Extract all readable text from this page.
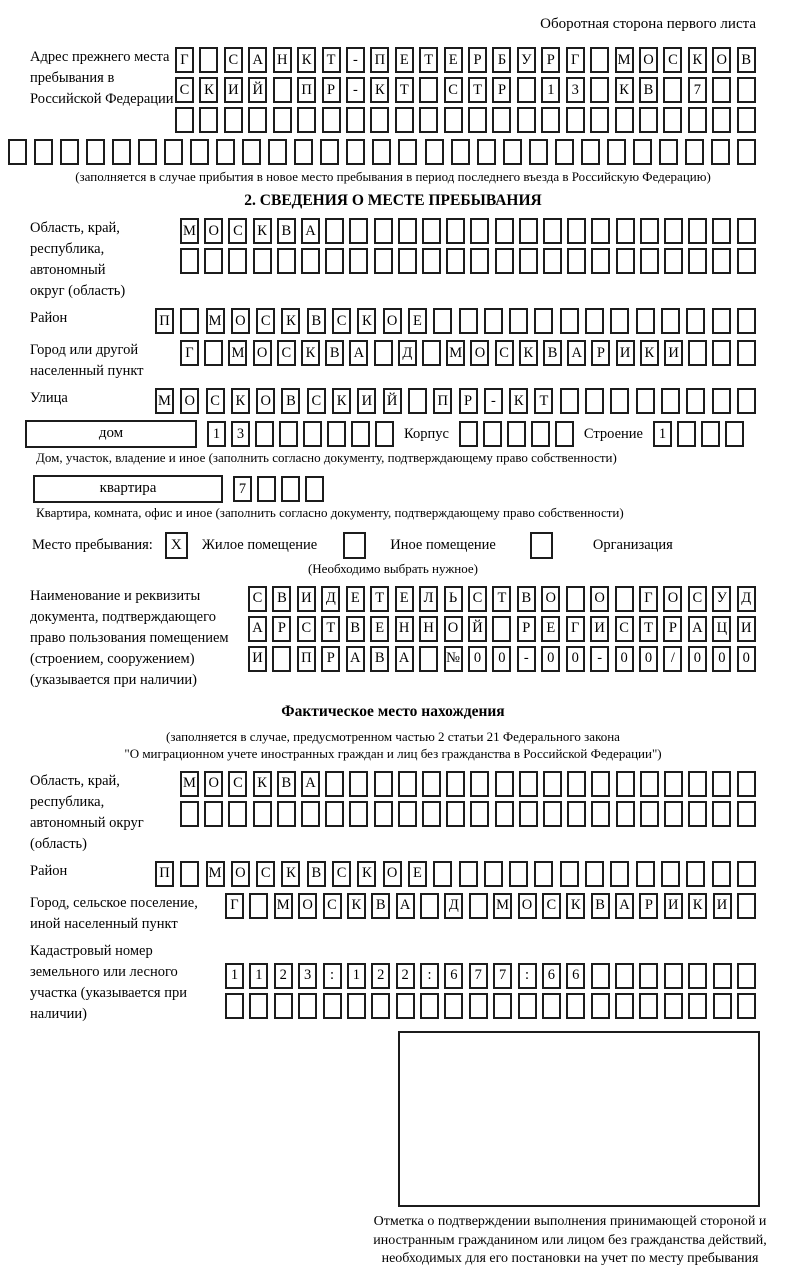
Оборотная сторона первого листа
Адрес прежнего места пребывания в Российской Федерации
Г	С А Н К	Т	-	П	Е	Т	Е	Р	Б	У	Р	Г	М О С	К О В
С	К И Й	П	Р	-	К	Т	С	Т	Р	1	3	К	В	7
(заполняется в случае прибытия в новое место пребывания в период последнего въезда в Российскую Федерацию)
2. СВЕДЕНИЯ О МЕСТЕ ПРЕБЫВАНИЯ
Область, край, республика, автономный округ (область)
М О С	К	В А
Район	П	М О	С	К	В	С	К	О	Е
Город или другой населенный пункт
Г	М О С	К	В А	Д	М О С	К	В А	Р	И К И
Улица	М О	С	К	О	В	С	К	И Й	П	Р	-	К	Т
дом	1	3	Корпус	Строение	1
Дом, участок, владение и иное (заполнить согласно документу, подтверждающему право собственности)
квартира	7
Квартира, комната, офис и иное (заполнить согласно документу, подтверждающему право собственности)
Место пребывания:	X	Жилое помещение	Иное помещение	Организация
(Необходимо выбрать нужное)
Наименование и реквизиты документа, подтверждающего право пользования помещением (строением, сооружением) (указывается при наличии)
С	В И Д	Е	Т	Е	Л	Ь	С	Т	В О	О	Г	О С У Д
А	Р	С	Т	В	Е	Н Н О Й	Р	Е	Г	И С	Т	Р	А Ц И
И	П	Р	А В А	№ 0	0	-	0	0	-	0	0	/	0	0	0
Фактическое место нахождения
(заполняется в случае, предусмотренном частью 2 статьи 21 Федерального закона
"О миграционном учете иностранных граждан и лиц без гражданства в Российской Федерации")
Область, край, республика, автономный округ (область)
М О С	К	В А
Район	П	М О	С	К	В	С	К	О	Е
Город, сельское поселение, иной населенный пункт
Г	М О С	К	В А	Д	М О С	К	В А	Р	И К И
Кадастровый номер земельного или лесного участка (указывается при наличии)
1	1	2	3	:	1	2	2	:	6	7	7	:	6	6
Отметка о подтверждении выполнения принимающей стороной и иностранным гражданином или лицом без гражданства действий, необходимых для его постановки на учет по месту пребывания
